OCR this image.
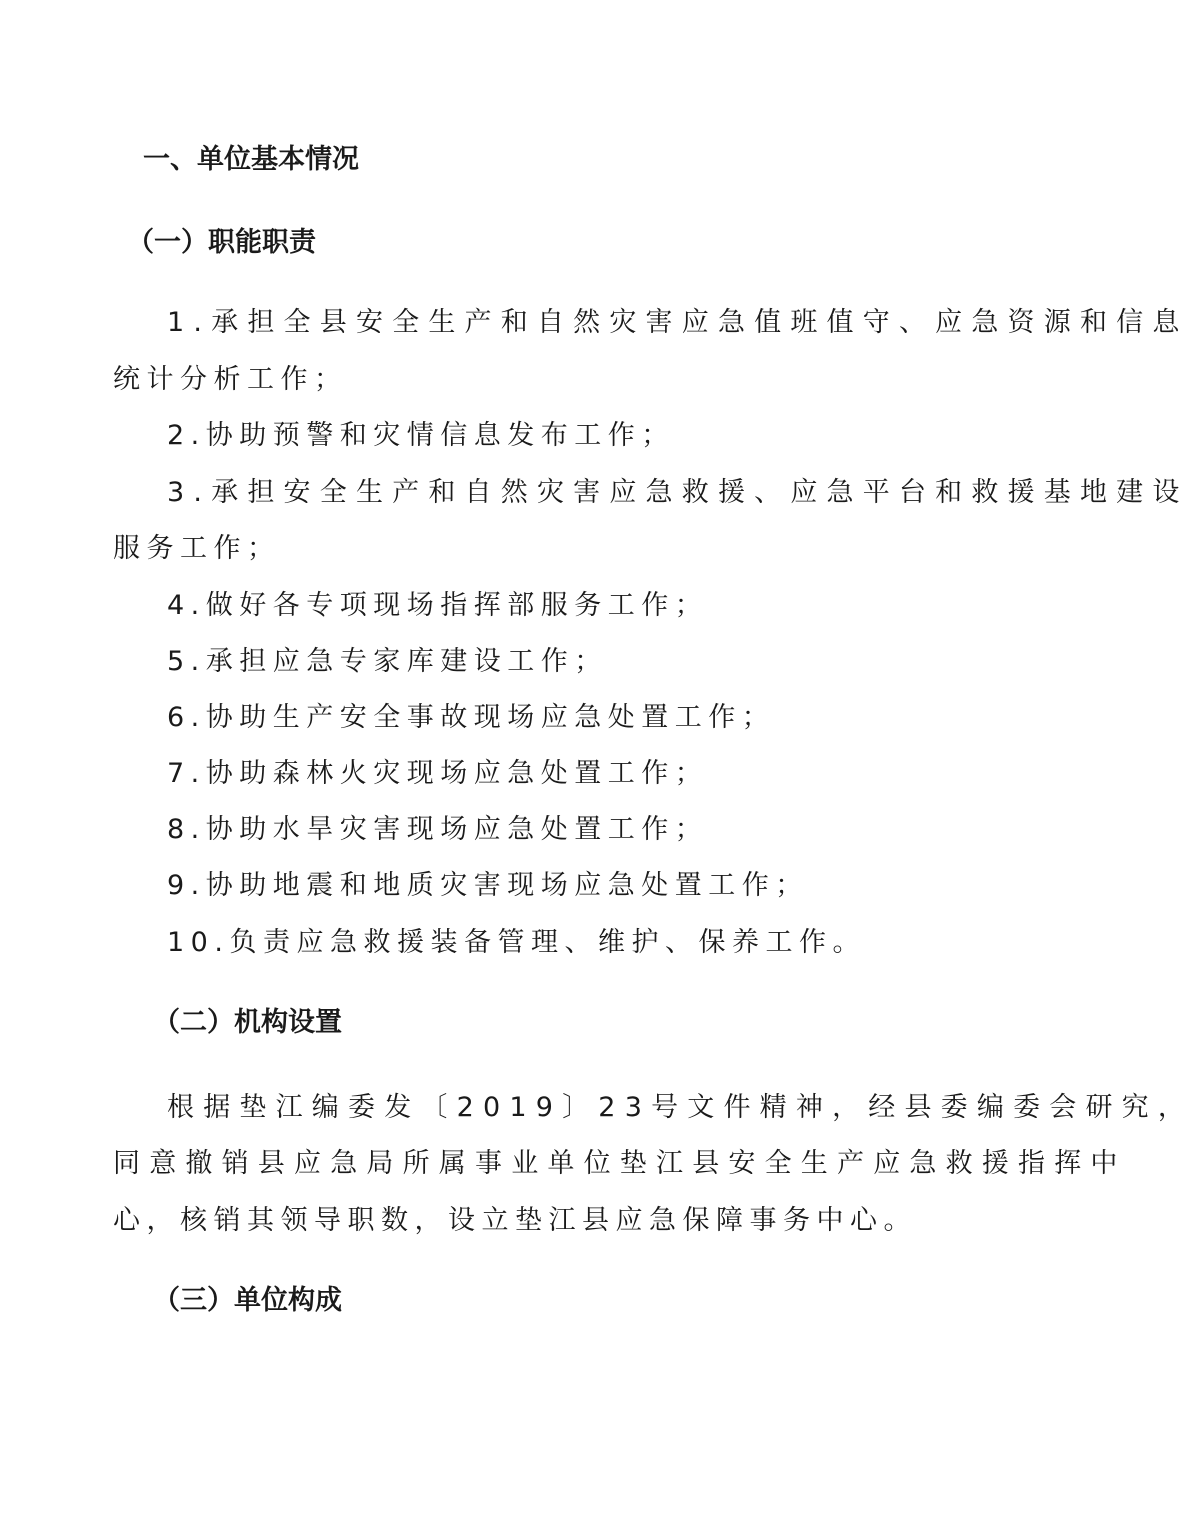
一、单位基本情况
（一）职能职责
1.承担全县安全生产和自然灾害应急值班值守、应急资源和信息
统计分析工作；
2.协助预警和灾情信息发布工作；
3.承担安全生产和自然灾害应急救援、应急平台和救援基地建设
服务工作；
4.做好各专项现场指挥部服务工作；
5.承担应急专家库建设工作；
6.协助生产安全事故现场应急处置工作；
7.协助森林火灾现场应急处置工作；
8.协助水旱灾害现场应急处置工作；
9.协助地震和地质灾害现场应急处置工作；
10.负责应急救援装备管理、维护、保养工作。
（二）机构设置
根据垫江编委发〔2019〕23号文件精神，经县委编委会研究，
同意撤销县应急局所属事业单位垫江县安全生产应急救援指挥中
心，核销其领导职数，设立垫江县应急保障事务中心。
（三）单位构成
